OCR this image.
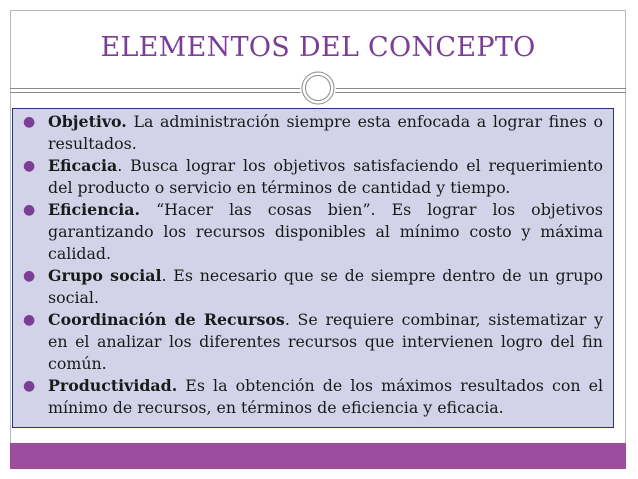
ELEMENTOS DEL CONCEPTO
● Objetivo. La administración siempre esta enfocada a lograr fines o resultados.
● Eficacia. Busca lograr los objetivos satisfaciendo el requerimiento del producto o servicio en términos de cantidad y tiempo.
● Eficiencia. “Hacer las cosas bien”. Es lograr los objetivos garantizando los recursos disponibles al mínimo costo y máxima calidad.
● Grupo social. Es necesario que se de siempre dentro de un grupo social.
● Coordinación de Recursos. Se requiere combinar, sistematizar y en el analizar los diferentes recursos que intervienen logro del fin común.
● Productividad. Es la obtención de los máximos resultados con el mínimo de recursos, en términos de eficiencia y eficacia.
